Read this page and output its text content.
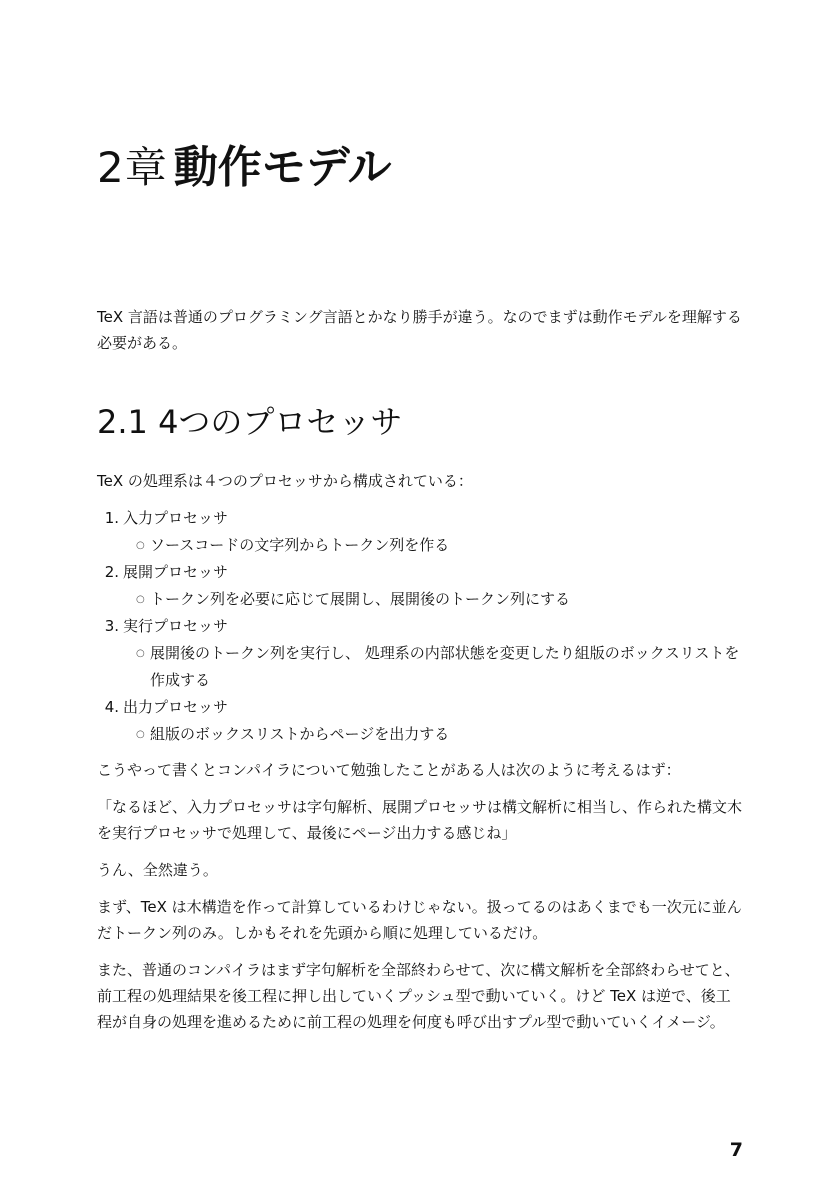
2章 動作モデル

TeX 言語は普通のプログラミング言語とかなり勝手が違う。なのでまずは動作モデルを理解する必要がある。

2.1 4つのプロセッサ

TeX の処理系は４つのプロセッサから構成されている：

1. 入力プロセッサ
○ ソースコードの文字列からトークン列を作る
2. 展開プロセッサ
○ トークン列を必要に応じて展開し、展開後のトークン列にする
3. 実行プロセッサ
○ 展開後のトークン列を実行し、 処理系の内部状態を変更したり組版のボックスリストを作成する
4. 出力プロセッサ
○ 組版のボックスリストからページを出力する

こうやって書くとコンパイラについて勉強したことがある人は次のように考えるはず：

「なるほど、入力プロセッサは字句解析、展開プロセッサは構文解析に相当し、作られた構文木を実行プロセッサで処理して、最後にページ出力する感じね」

うん、全然違う。

まず、TeX は木構造を作って計算しているわけじゃない。扱ってるのはあくまでも一次元に並んだトークン列のみ。しかもそれを先頭から順に処理しているだけ。

また、普通のコンパイラはまず字句解析を全部終わらせて、次に構文解析を全部終わらせてと、前工程の処理結果を後工程に押し出していくプッシュ型で動いていく。けど TeX は逆で、後工程が自身の処理を進めるために前工程の処理を何度も呼び出すプル型で動いていくイメージ。

7
